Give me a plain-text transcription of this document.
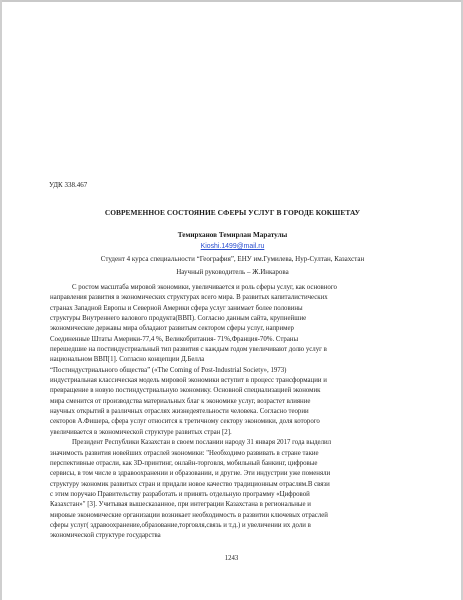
УДК 338.467
СОВРЕМЕННОЕ СОСТОЯНИЕ СФЕРЫ УСЛУГ В ГОРОДЕ КОКШЕТАУ
Темирханов Темирлан Маратулы
Kioshi.1499@mail.ru
Студент 4 курса специальности “География”, ЕНУ им.Гумилева, Нур-Султан, Казахстан
Научный руководитель – Ж.Инкарова
С ростом масштаба мировой экономики, увеличивается и роль сферы услуг, как основного
направления развития в экономических структурах всего мира. В развитых капиталистических
странах Западной Европы и Северной Америки сфера услуг занимает более половины
структуры Внутреннего валового продукта(ВВП). Согласно данным сайта, крупнейшие
экономические державы мира обладают развитым сектором сферы услуг, например
Соединенные Штаты Америки-77,4 %, Великобритания- 71%,Франция-70%. Страны
перешедшие на постиндустриальный тип развития с каждым годом увеличивают долю услуг в
национальном ВВП[1]. Согласно концепции Д.Белла
“Постиндустриального общества” («The Coming of Post-Industrial Society», 1973)
индустриальная классическая модель мировой экономики вступит в процесс трансформации и
превращение в новую постиндустриальную экономику. Основной специализацией экономик
мира сменится от производства материальных благ к экономике услуг, возрастет влияние
научных открытий в различных отраслях жизнедеятельности человека. Согласно теории
секторов А.Фишера, сфера услуг относится к третичному сектору экономики, доля которого
увеличивается в экономической структуре развитых стран [2].
Президент Республики Казахстан в своем послании народу 31 января 2017 года выделил
значимость развития новейших отраслей экономики: "Необходимо развивать в стране такие
перспективные отрасли, как 3D-принтинг, онлайн-торговля, мобильный банкинг, цифровые
сервисы, в том числе в здравоохранении и образовании, и другие. Эти индустрии уже поменяли
структуру экономик развитых стран и придали новое качество традиционным отраслям.В связи
с этим поручаю Правительству разработать и принять отдельную программу «Цифровой
Казахстан»" [3]. Учитывая вышесказанное, при интеграции Казахстана в региональные и
мировые экономические организации возникает необходимость в развитии ключевых отраслей
сферы услуг( здравоохранение,образование,торговля,связь и т.д.) и увеличении их доли в
экономической структуре государства
1243
